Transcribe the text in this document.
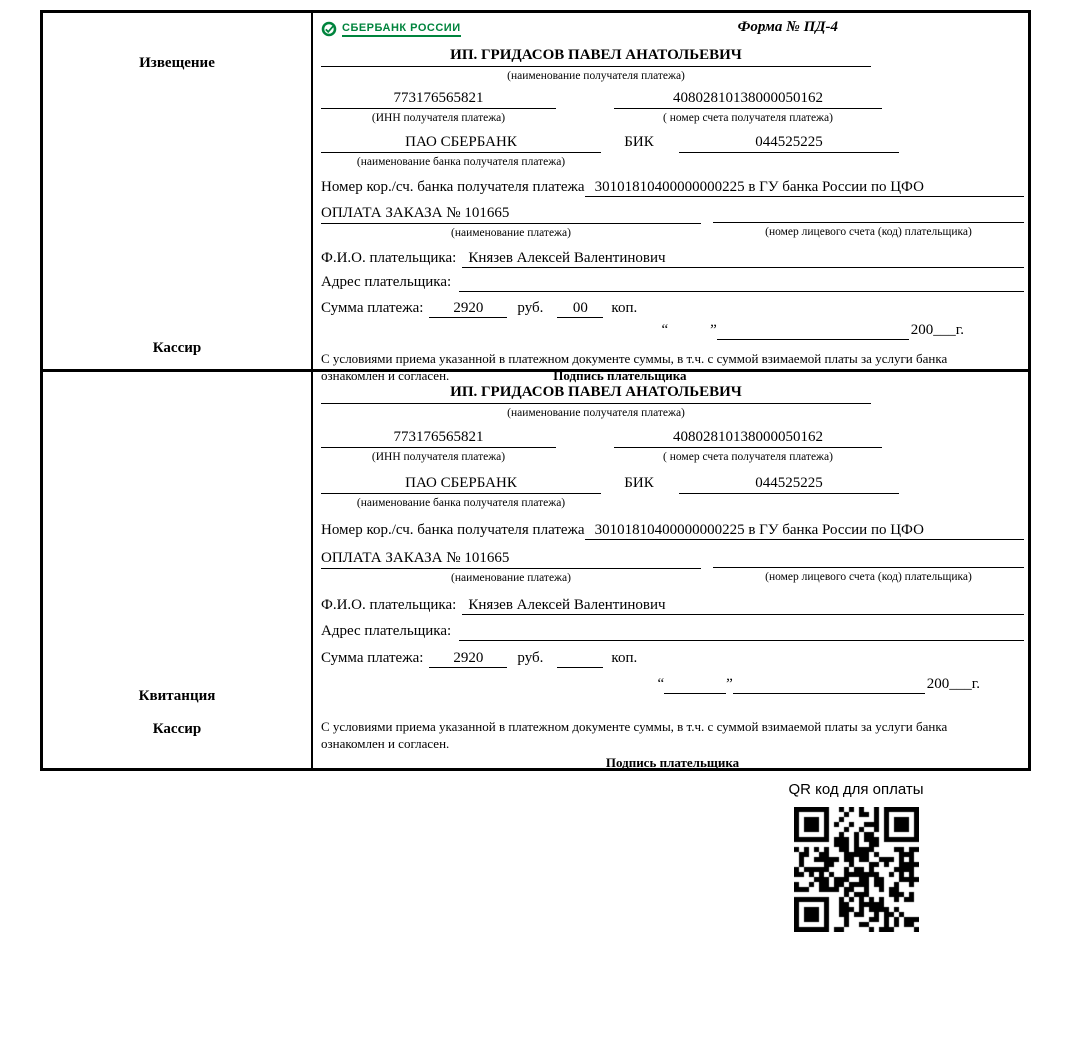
Извещение
Кассир
СБЕРБАНК РОССИИ	Форма № ПД-4
ИП. ГРИДАСОВ ПАВЕЛ АНАТОЛЬЕВИЧ
(наименование получателя платежа)
773176565821
(ИНН получателя платежа)
40802810138000050162
( номер счета получателя платежа)
ПАО СБЕРБАНК
(наименование банка получателя платежа)
БИК	044525225
Номер кор./сч. банка получателя платежа 30101810400000000225 в ГУ банка России по ЦФО
ОПЛАТА ЗАКАЗА № 101665
(наименование платежа)	(номер лицевого счета (код) плательщика)
Ф.И.О. плательщика: Князев Алексей Валентинович
Адрес плательщика:
Сумма платежа:	2920	руб.	00	коп.
“	”	200___г.
С условиями приема указанной в платежном документе суммы, в т.ч. с суммой взимаемой платы за услуги банка
ознакомлен и согласен.	Подпись плательщика
Квитанция
Кассир
ИП. ГРИДАСОВ ПАВЕЛ АНАТОЛЬЕВИЧ
(наименование получателя платежа)
773176565821
(ИНН получателя платежа)
40802810138000050162
( номер счета получателя платежа)
ПАО СБЕРБАНК
(наименование банка получателя платежа)
БИК	044525225
Номер кор./сч. банка получателя платежа 30101810400000000225 в ГУ банка России по ЦФО
ОПЛАТА ЗАКАЗА № 101665
(наименование платежа)	(номер лицевого счета (код) плательщика)
Ф.И.О. плательщика: Князев Алексей Валентинович
Адрес плательщика:
Сумма платежа:	2920	руб.	коп.
“	”	200___г.
С условиями приема указанной в платежном документе суммы, в т.ч. с суммой взимаемой платы за услуги банка
ознакомлен и согласен.
Подпись плательщика
QR код для оплаты
